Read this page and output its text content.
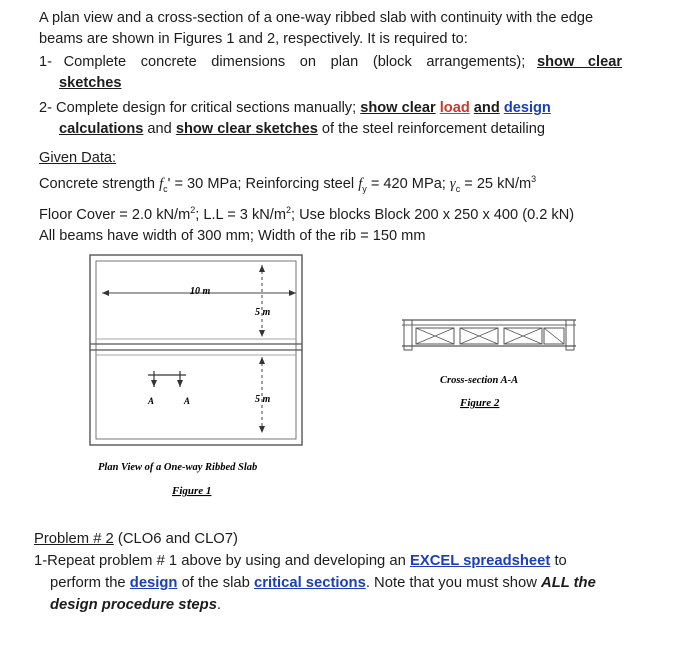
A plan view and a cross-section of a one-way ribbed slab with continuity with the edge

beams are shown in Figures 1 and 2, respectively. It is required to:

1- Complete concrete dimensions on plan (block arrangements); show clear

sketches

2- Complete design for critical sections manually; show clear load and design

calculations and show clear sketches of the steel reinforcement detailing

Given Data:

Concrete strength $f_c' = 30$ MPa; Reinforcing steel $f_y = 420$ MPa; $\gamma_c = 25$ $kN/m^3$

Floor Cover = 2.0 $kN/m^2$; L.L = 3 $kN/m^2$; Use blocks Block 200 x 250 x 400 (0.2 kN)

All beams have width of 300 mm; Width of the rib = 150 mm

10 m
5 m
5 m
A	A
Plan View of a One-way Ribbed Slab
Figure 1
Cross-section A-A
Figure 2

Problem # 2 (CLO6 and CLO7)

1-Repeat problem # 1 above by using and developing an EXCEL spreadsheet to

perform the design of the slab critical sections. Note that you must show ALL the

design procedure steps.
